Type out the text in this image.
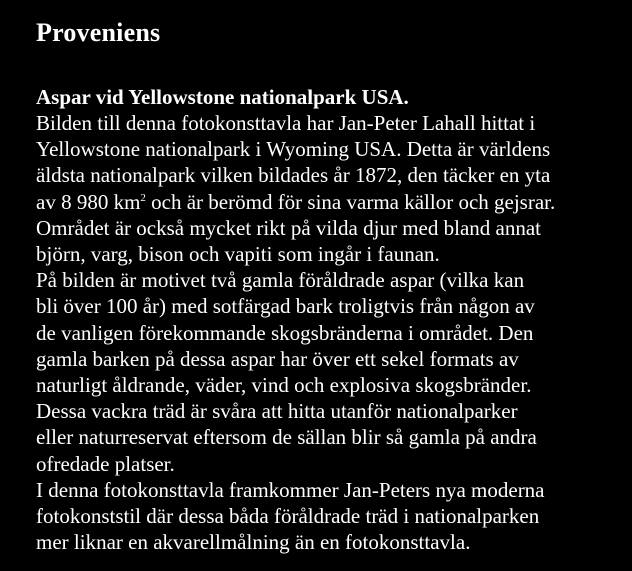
Proveniens

Aspar vid Yellowstone nationalpark USA.

Bilden till denna fotokonsttavla har Jan-Peter Lahall hittat i

Yellowstone nationalpark i Wyoming USA. Detta är världens

äldsta nationalpark vilken bildades år 1872, den täcker en yta

av 8 980 $km^2$ och är berömd för sina varma källor och gejsrar.

Området är också mycket rikt på vilda djur med bland annat

björn, varg, bison och vapiti som ingår i faunan.

På bilden är motivet två gamla föråldrade aspar (vilka kan

bli över 100 år) med sotfärgad bark troligtvis från någon av

de vanligen förekommande skogsbränderna i området. Den

gamla barken på dessa aspar har över ett sekel formats av

naturligt åldrande, väder, vind och explosiva skogsbränder.

Dessa vackra träd är svåra att hitta utanför nationalparker

eller naturreservat eftersom de sällan blir så gamla på andra

ofredade platser.

I denna fotokonsttavla framkommer Jan-Peters nya moderna

fotokonststil där dessa båda föråldrade träd i nationalparken

mer liknar en akvarellmålning än en fotokonsttavla.
